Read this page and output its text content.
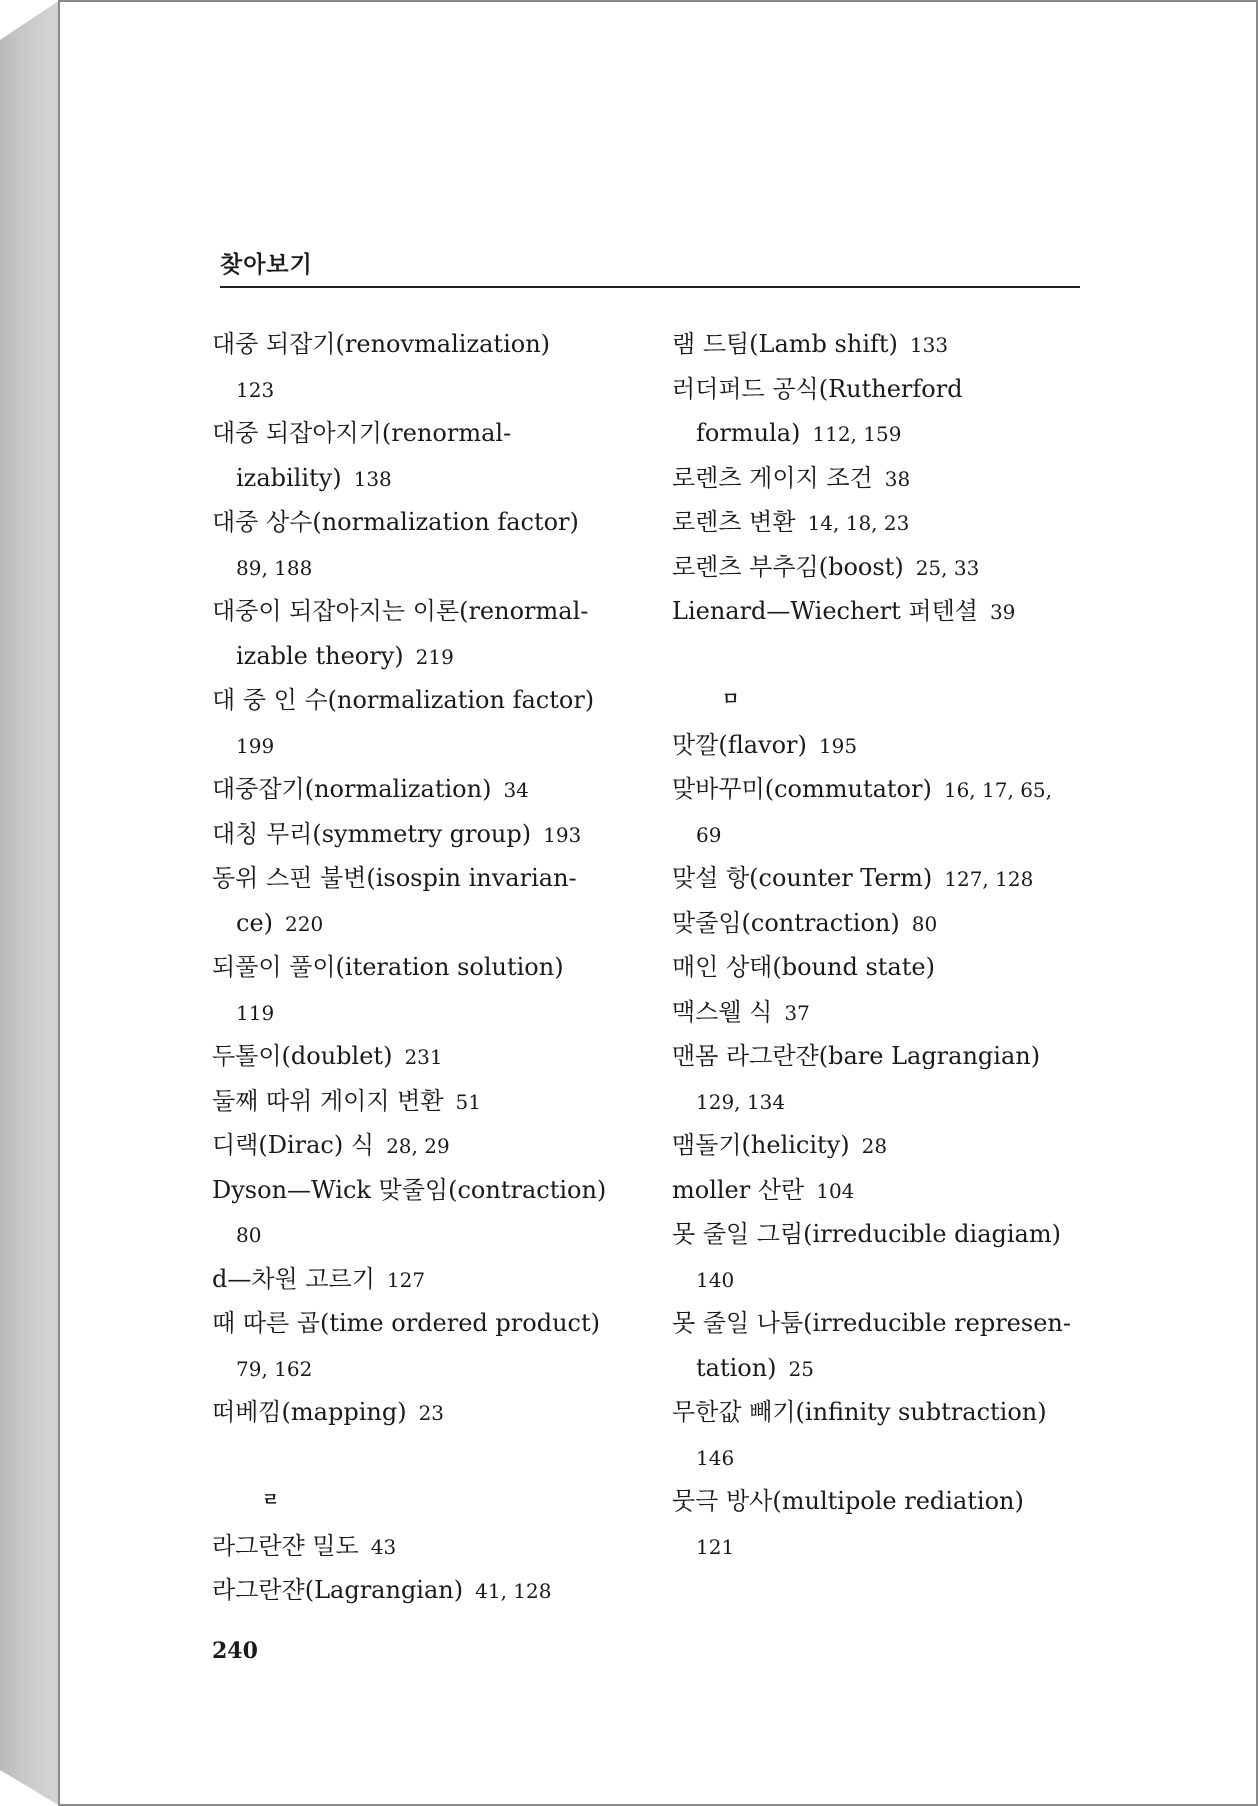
찾아보기
대중 되잡기(renovmalization)
123
대중 되잡아지기(renormal-
izability) 138
대중 상수(normalization factor)
89, 188
대중이 되잡아지는 이론(renormal-
izable theory) 219
대 중 인 수(normalization factor)
199
대중잡기(normalization) 34
대칭 무리(symmetry group) 193
동위 스핀 불변(isospin invarian-
ce) 220
되풀이 풀이(iteration solution)
119
두톨이(doublet) 231
둘째 따위 게이지 변환 51
디랙(Dirac) 식 28, 29
Dyson—Wick 맞줄임(contraction)
80
d—차원 고르기 127
때 따른 곱(time ordered product)
79, 162
떠베낌(mapping) 23
ㄹ
라그란쟌 밀도 43
라그란쟌(Lagrangian) 41, 128
램 드팀(Lamb shift) 133
러더퍼드 공식(Rutherford
formula) 112, 159
로렌츠 게이지 조건 38
로렌츠 변환 14, 18, 23
로렌츠 부추김(boost) 25, 33
Lienard—Wiechert 퍼텐셜 39
ㅁ
맛깔(flavor) 195
맞바꾸미(commutator) 16, 17, 65,
69
맞설 항(counter Term) 127, 128
맞줄임(contraction) 80
매인 상태(bound state)
맥스웰 식 37
맨몸 라그란쟌(bare Lagrangian)
129, 134
맴돌기(helicity) 28
moller 산란 104
못 줄일 그림(irreducible diagiam)
140
못 줄일 나툼(irreducible represen-
tation) 25
무한값 빼기(infinity subtraction)
146
뭇극 방사(multipole rediation)
121
240
